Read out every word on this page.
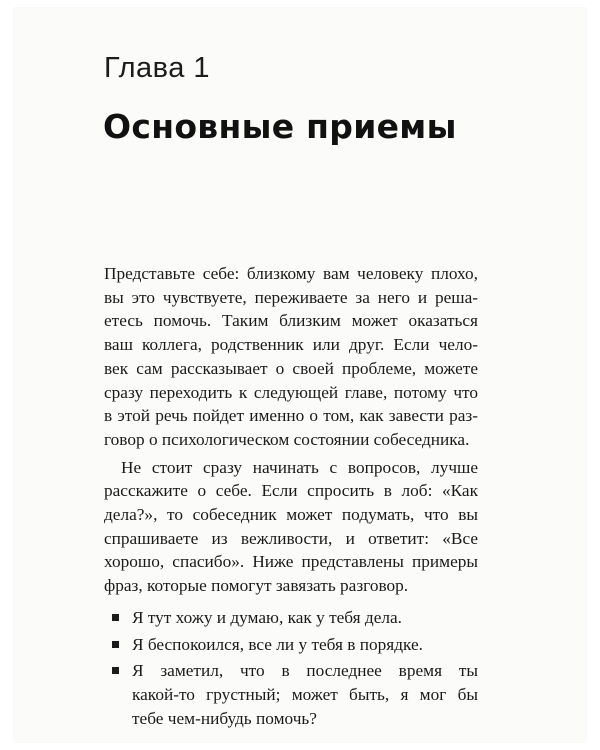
Глава 1
Основные приемы

Представьте себе: близкому вам человеку плохо,
вы это чувствуете, переживаете за него и реша-
етесь помочь. Таким близким может оказаться
ваш коллега, родственник или друг. Если чело-
век сам рассказывает о своей проблеме, можете
сразу переходить к следующей главе, потому что
в этой речь пойдет именно о том, как завести раз-
говор о психологическом состоянии собеседника.

Не стоит сразу начинать с вопросов, лучше
расскажите о себе. Если спросить в лоб: «Как
дела?», то собеседник может подумать, что вы
спрашиваете из вежливости, и ответит: «Все
хорошо, спасибо». Ниже представлены примеры
фраз, которые помогут завязать разговор.

Я тут хожу и думаю, как у тебя дела.
Я беспокоился, все ли у тебя в порядке.
Я заметил, что в последнее время ты
какой-то грустный; может быть, я мог бы
тебе чем-нибудь помочь?
